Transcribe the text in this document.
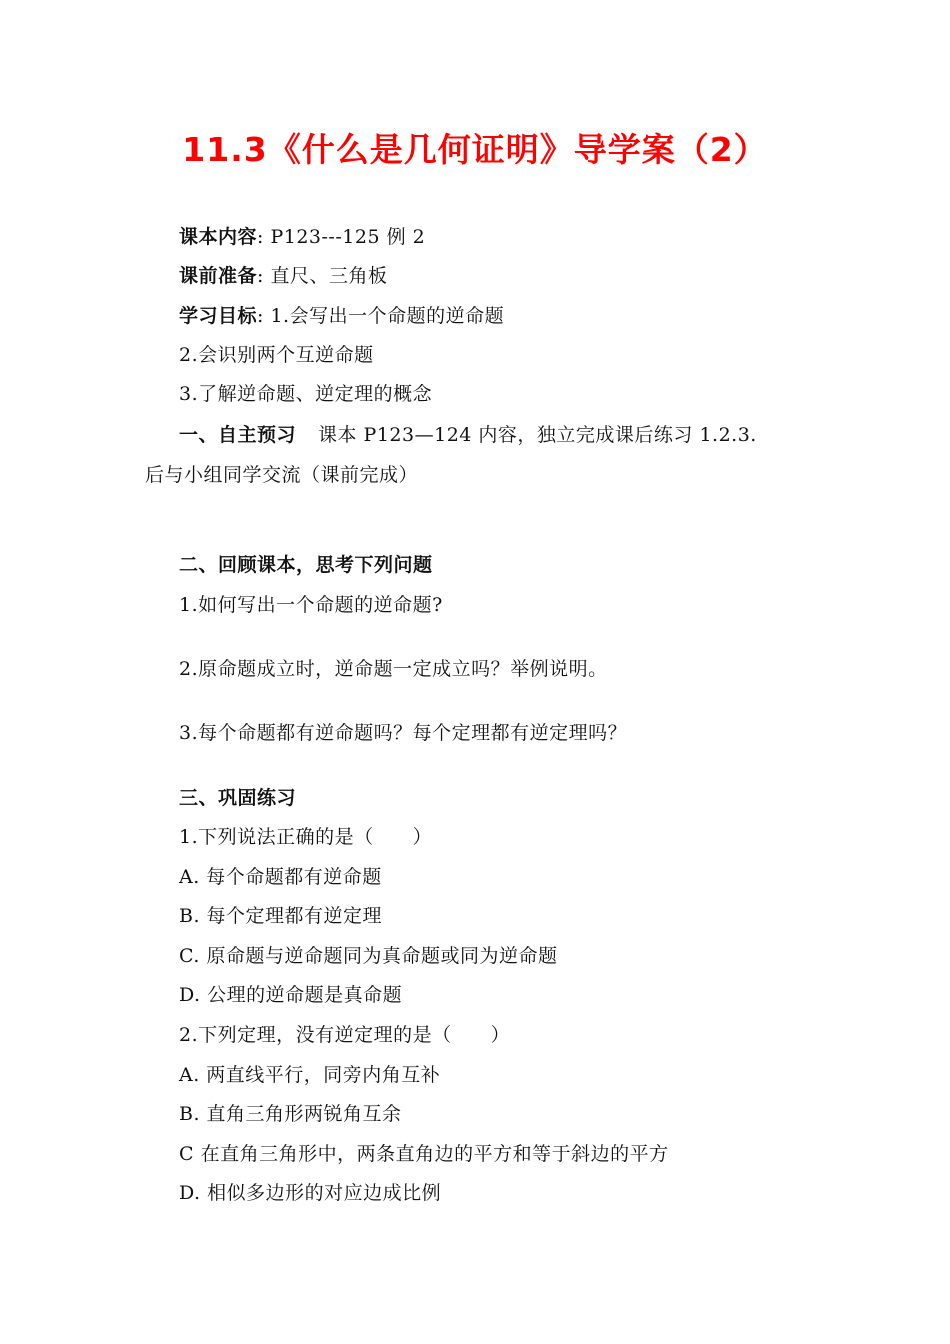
11.3《什么是几何证明》导学案（2）
课本内容: P123---125 例 2
课前准备: 直尺、三角板
学习目标: 1.会写出一个命题的逆命题
2.会识别两个互逆命题
3.了解逆命题、逆定理的概念
一、自主预习 课本 P123—124 内容，独立完成课后练习 1.2.3.
后与小组同学交流（课前完成）
二、回顾课本，思考下列问题
1.如何写出一个命题的逆命题?
2.原命题成立时，逆命题一定成立吗？举例说明。
3.每个命题都有逆命题吗？每个定理都有逆定理吗？
三、巩固练习
1.下列说法正确的是（　　）
A. 每个命题都有逆命题
B. 每个定理都有逆定理
C. 原命题与逆命题同为真命题或同为逆命题
D. 公理的逆命题是真命题
2.下列定理，没有逆定理的是（　　）
A. 两直线平行，同旁内角互补
B. 直角三角形两锐角互余
C 在直角三角形中，两条直角边的平方和等于斜边的平方
D. 相似多边形的对应边成比例
